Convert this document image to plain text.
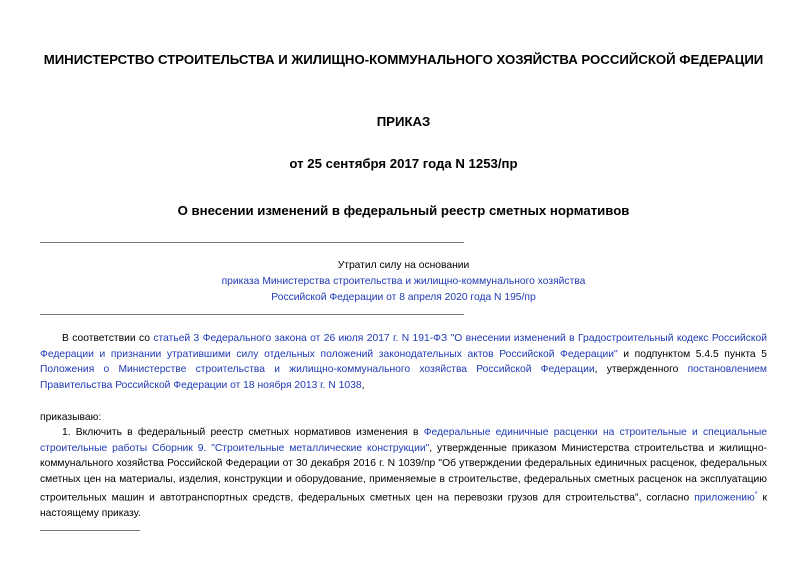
МИНИСТЕРСТВО СТРОИТЕЛЬСТВА И ЖИЛИЩНО-КОММУНАЛЬНОГО ХОЗЯЙСТВА РОССИЙСКОЙ ФЕДЕРАЦИИ
ПРИКАЗ
от 25 сентября 2017 года N 1253/пр
О внесении изменений в федеральный реестр сметных нормативов
Утратил силу на основании
приказа Министерства строительства и жилищно-коммунального хозяйства
Российской Федерации от 8 апреля 2020 года N 195/пр

В соответствии со статьей 3 Федерального закона от 26 июля 2017 г. N 191-ФЗ "О внесении изменений в Градостроительный кодекс Российской Федерации и признании утратившими силу отдельных положений законодательных актов Российской Федерации" и подпунктом 5.4.5 пункта 5 Положения о Министерстве строительства и жилищно-коммунального хозяйства Российской Федерации, утвержденного постановлением Правительства Российской Федерации от 18 ноября 2013 г. N 1038,

приказываю:

1. Включить в федеральный реестр сметных нормативов изменения в Федеральные единичные расценки на строительные и специальные строительные работы Сборник 9. "Строительные металлические конструкции", утвержденные приказом Министерства строительства и жилищно-коммунального хозяйства Российской Федерации от 30 декабря 2016 г. N 1039/пр "Об утверждении федеральных единичных расценок, федеральных сметных цен на материалы, изделия, конструкции и оборудование, применяемые в строительстве, федеральных сметных расценок на эксплуатацию строительных машин и автотранспортных средств, федеральных сметных цен на перевозки грузов для строительства", согласно приложению* к настоящему приказу.
